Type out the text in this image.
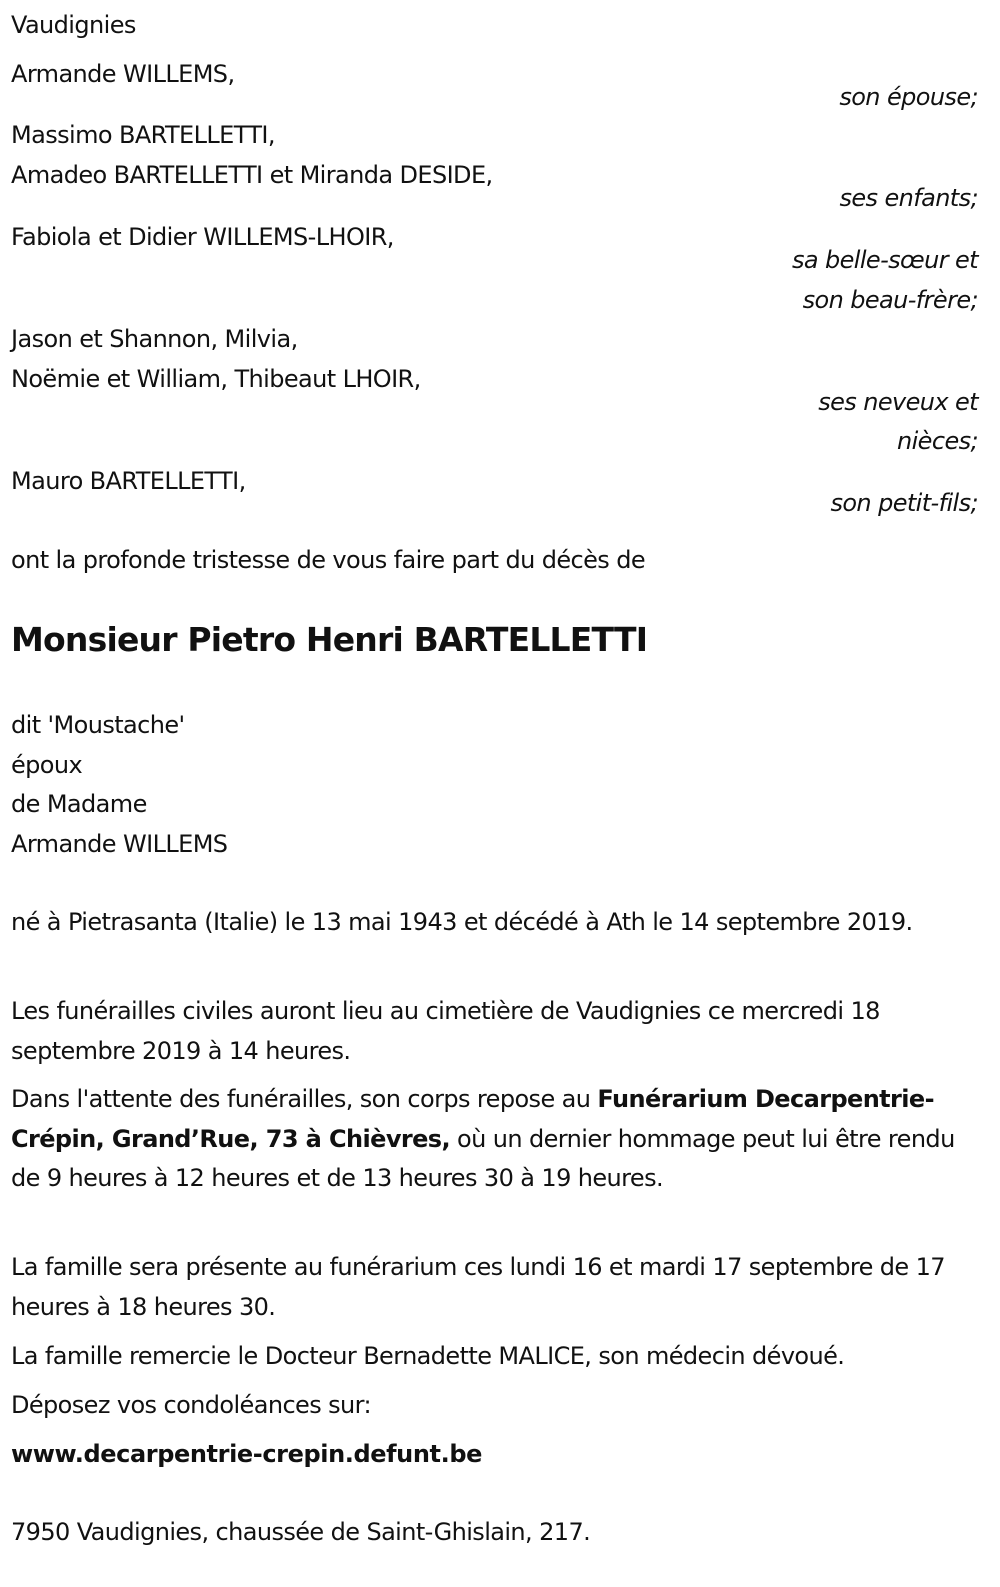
Vaudignies
Armande WILLEMS,
son épouse;
Massimo BARTELLETTI,
Amadeo BARTELLETTI et Miranda DESIDE,
ses enfants;
Fabiola et Didier WILLEMS-LHOIR,
sa belle-sœur et
son beau-frère;
Jason et Shannon, Milvia,
Noëmie et William, Thibeaut LHOIR,
ses neveux et
nièces;
Mauro BARTELLETTI,
son petit-fils;
ont la profonde tristesse de vous faire part du décès de
Monsieur Pietro Henri BARTELLETTI
dit 'Moustache'
époux
de Madame
Armande WILLEMS
né à Pietrasanta (Italie) le 13 mai 1943 et décédé à Ath le 14 septembre 2019.
Les funérailles civiles auront lieu au cimetière de Vaudignies ce mercredi 18 septembre 2019 à 14 heures.
Dans l'attente des funérailles, son corps repose au Funérarium Decarpentrie-Crépin, Grand’Rue, 73 à Chièvres, où un dernier hommage peut lui être rendu de 9 heures à 12 heures et de 13 heures 30 à 19 heures.
La famille sera présente au funérarium ces lundi 16 et mardi 17 septembre de 17 heures à 18 heures 30.
La famille remercie le Docteur Bernadette MALICE, son médecin dévoué.
Déposez vos condoléances sur:
www.decarpentrie-crepin.defunt.be
7950 Vaudignies, chaussée de Saint-Ghislain, 217.
